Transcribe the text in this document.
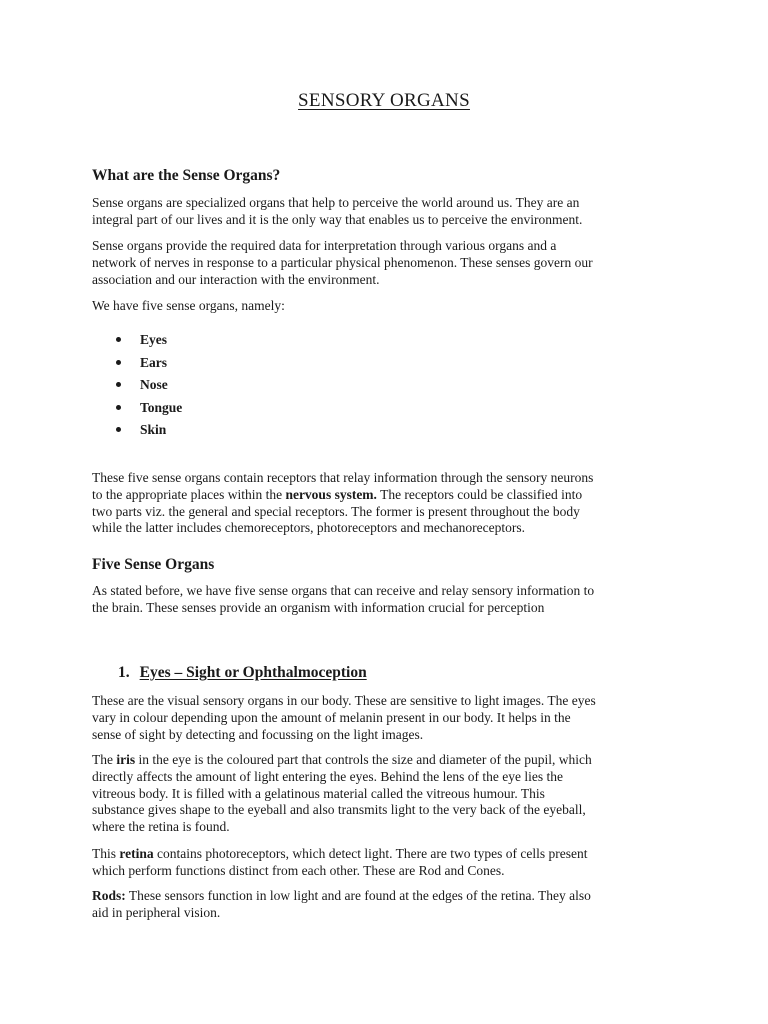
SENSORY ORGANS
What are the Sense Organs?

Sense organs are specialized organs that help to perceive the world around us. They are an
integral part of our lives and it is the only way that enables us to perceive the environment.

Sense organs provide the required data for interpretation through various organs and a
network of nerves in response to a particular physical phenomenon. These senses govern our
association and our interaction with the environment.

We have five sense organs, namely:

Eyes
Ears
Nose
Tongue
Skin

These five sense organs contain receptors that relay information through the sensory neurons
to the appropriate places within the nervous system. The receptors could be classified into
two parts viz. the general and special receptors. The former is present throughout the body
while the latter includes chemoreceptors, photoreceptors and mechanoreceptors.

Five Sense Organs

As stated before, we have five sense organs that can receive and relay sensory information to
the brain. These senses provide an organism with information crucial for perception

1. Eyes – Sight or Ophthalmoception

These are the visual sensory organs in our body. These are sensitive to light images. The eyes
vary in colour depending upon the amount of melanin present in our body. It helps in the
sense of sight by detecting and focussing on the light images.

The iris in the eye is the coloured part that controls the size and diameter of the pupil, which
directly affects the amount of light entering the eyes. Behind the lens of the eye lies the
vitreous body. It is filled with a gelatinous material called the vitreous humour. This
substance gives shape to the eyeball and also transmits light to the very back of the eyeball,
where the retina is found.

This retina contains photoreceptors, which detect light. There are two types of cells present
which perform functions distinct from each other. These are Rod and Cones.

Rods: These sensors function in low light and are found at the edges of the retina. They also
aid in peripheral vision.
